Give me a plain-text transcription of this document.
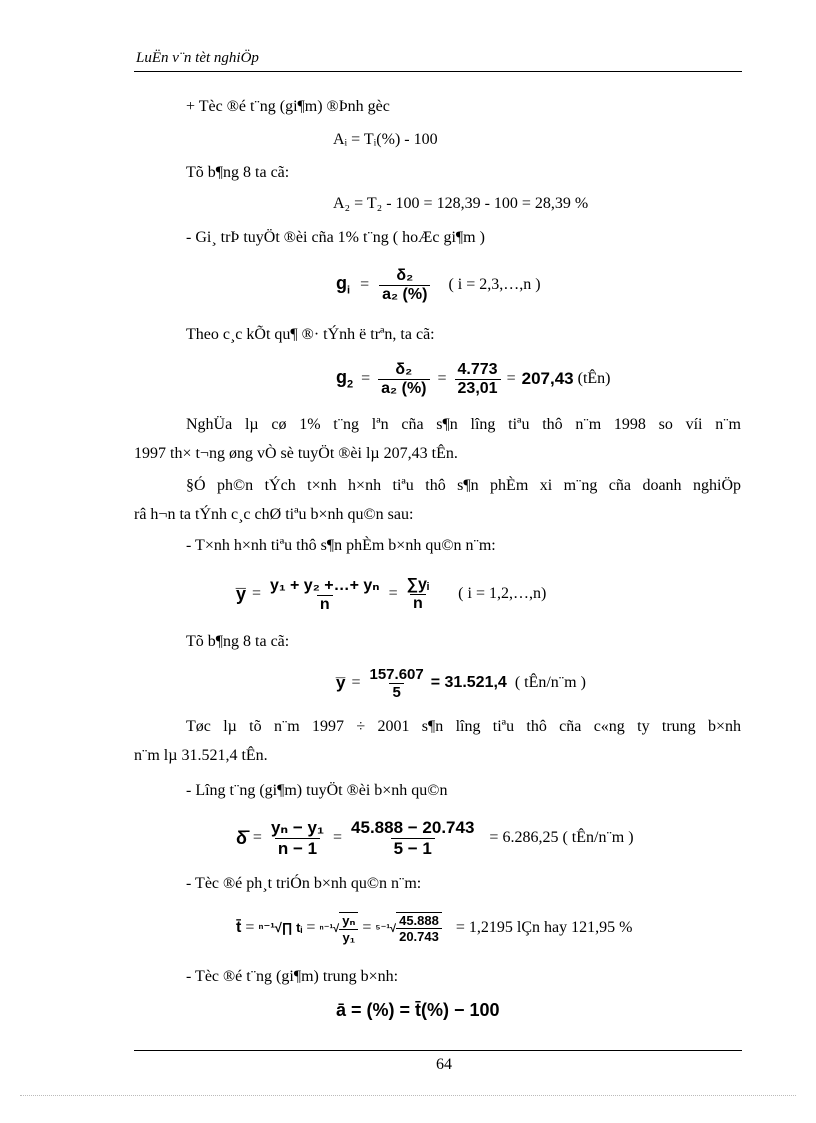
LuËn v¨n tèt nghiÖp
+ Tèc ®é t¨ng (gi¶m) ®Þnh gèc
Aᵢ = Tᵢ(%) - 100
Tõ b¶ng 8 ta cã:
A₂ = T₂ - 100 = 128,39 - 100 = 28,39 %
- Gi¸ trÞ tuyÖt ®èi cña 1% t¨ng ( hoÆc gi¶m )
$g_i = \frac{\text{δ₂}}{\text{a₂ (\%)}}$ ( i = 2,3,…,n )
Theo c¸c kÕt qu¶ ®· tÝnh ë trªn, ta cã:
$g_2 = \frac{\text{δ₂}}{\text{a₂ (\%)}} = \frac{4.773}{23,01} = 207,43$ (tÊn)
NghÜa lµ cø 1% t¨ng lªn cña s¶n lîng tiªu thô n¨m 1998 so víi n¨m
1997 th× t¬ng øng vÒ sè tuyÖt ®èi lµ 207,43 tÊn.
§Ó ph©n tÝch t×nh h×nh tiªu thô s¶n phÈm xi m¨ng cña doanh nghiÖp
râ h¬n ta tÝnh c¸c chØ tiªu b×nh qu©n sau:
- T×nh h×nh tiªu thô s¶n phÈm b×nh qu©n n¨m:
y̅ = $\frac{\text{y₁ + y₂ +…+ yₙ}}{n} = \frac{\text{∑yᵢ}}{n}$ ( i = 1,2,…,n)
Tõ b¶ng 8 ta cã:
y̅ = $\frac{157.607}{5} = 31.521,4$ ( tÊn/n¨m )
Tøc lµ tõ n¨m 1997 ÷ 2001 s¶n lîng tiªu thô cña c«ng ty trung b×nh
n¨m lµ 31.521,4 tÊn.
- Lîng t¨ng (gi¶m) tuyÖt ®èi b×nh qu©n
δ̄ = $\frac{\text{yₙ − y₁}}{n - 1} = \frac{45.888 - 20.743}{5 - 1} = 6.286,25$ ( tÊn/n¨m )
- Tèc ®é ph¸t triÓn b×nh qu©n n¨m:
t̄ = ⁿ⁻¹√∏ tᵢ = $^{n-1}√ \frac{\text{yₙ}}{\text{y₁}} = ^{5-1}√ \frac{45.888}{20.743} = 1,2195$ lÇn hay 121,95 %
- Tèc ®é t¨ng (gi¶m) trung b×nh:
ā = (%) = t̄(%) − 100
64
